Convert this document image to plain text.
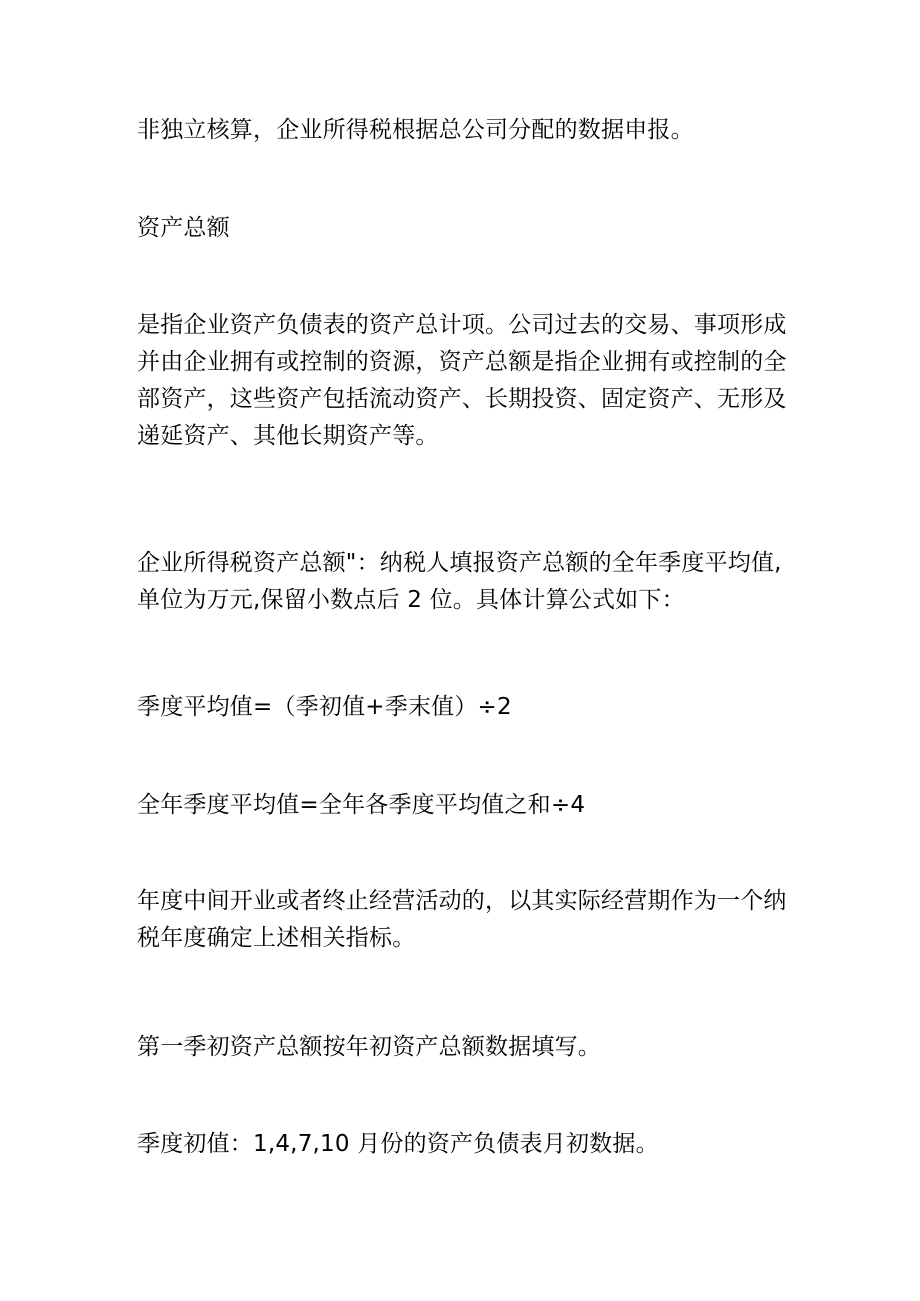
非独立核算，企业所得税根据总公司分配的数据申报。

资产总额

是指企业资产负债表的资产总计项。公司过去的交易、事项形成
并由企业拥有或控制的资源，资产总额是指企业拥有或控制的全
部资产，这些资产包括流动资产、长期投资、固定资产、无形及
递延资产、其他长期资产等。

企业所得税资产总额"：纳税人填报资产总额的全年季度平均值,
单位为万元,保留小数点后 2 位。具体计算公式如下：

季度平均值=（季初值+季末值）÷2

全年季度平均值=全年各季度平均值之和÷4

年度中间开业或者终止经营活动的，以其实际经营期作为一个纳
税年度确定上述相关指标。

第一季初资产总额按年初资产总额数据填写。

季度初值：1,4,7,10 月份的资产负债表月初数据。
